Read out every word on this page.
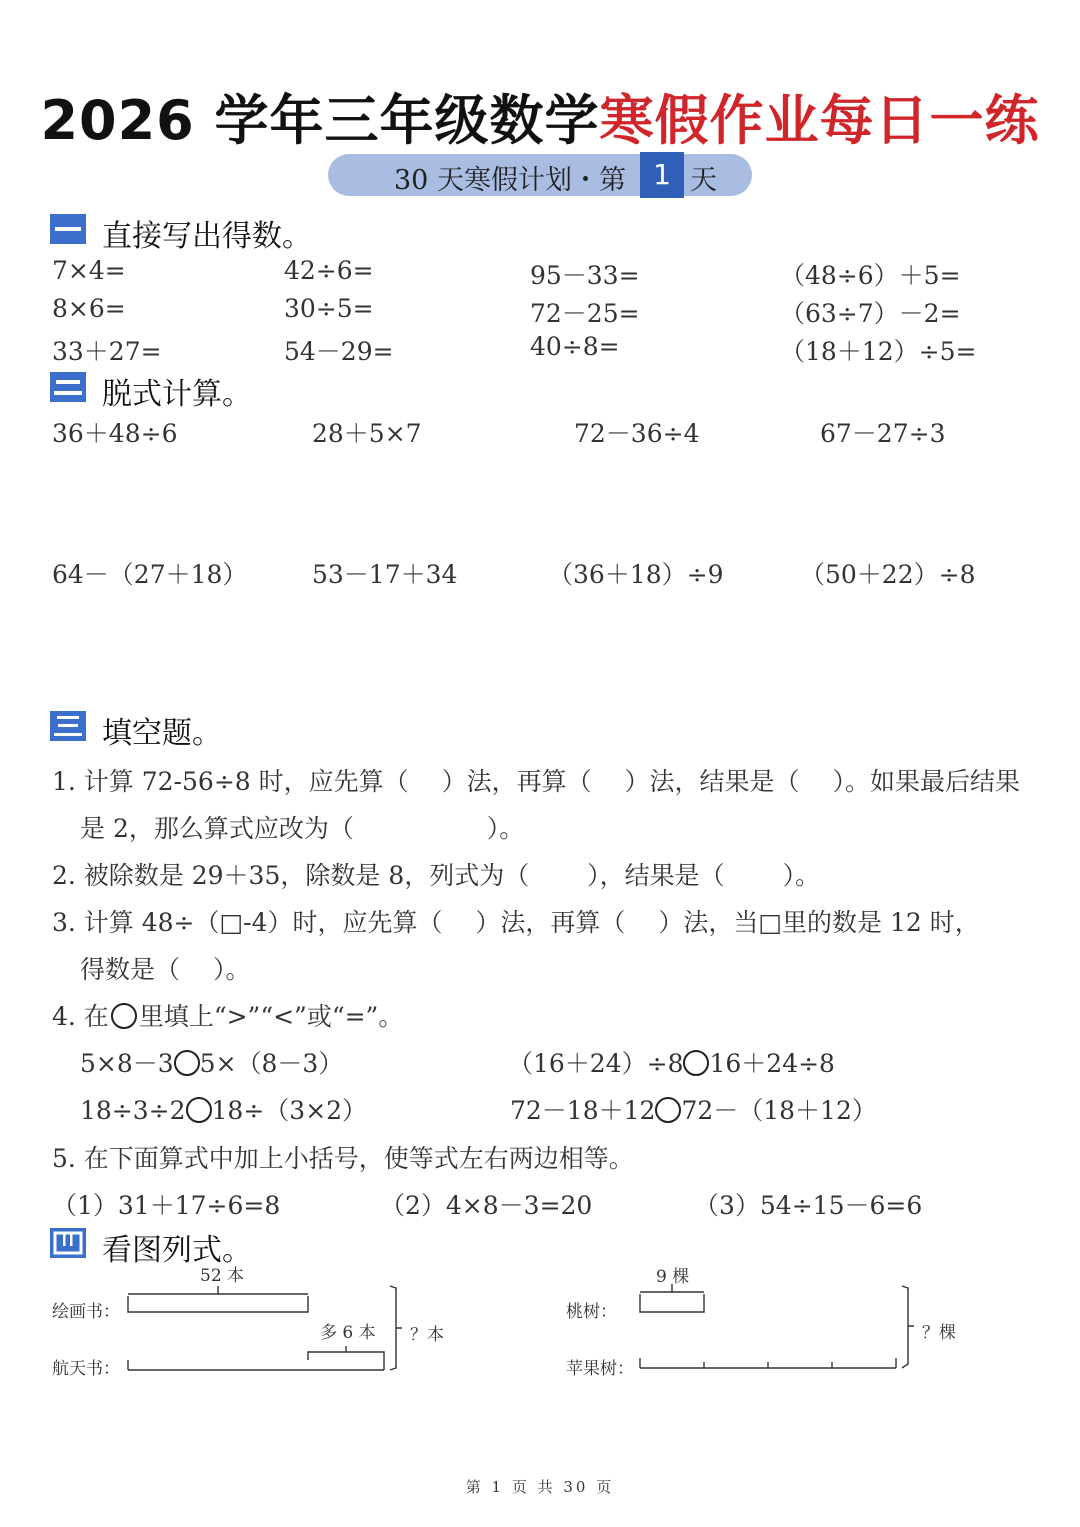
2026 学年三年级数学寒假作业每日一练
30 天寒假计划・第 1 天
直接写出得数。
7×4=	42÷6=	95－33=	（48÷6）＋5=
8×6=	30÷5=	72－25=	（63÷7）－2=
33＋27=	54－29=	40÷8=	（18＋12）÷5=
脱式计算。
36＋48÷6	28＋5×7	72－36÷4	67－27÷3
64－（27＋18）	53－17＋34	（36＋18）÷9	（50＋22）÷8
填空题。
1. 计算 72-56÷8 时，应先算（　 ）法，再算（　 ）法，结果是（　 ）。如果最后结果
是 2，那么算式应改为（　　　　　 ）。
2. 被除数是 29＋35，除数是 8，列式为（　　 ），结果是（　　 ）。
3. 计算 48÷（□-4）时，应先算（　 ）法，再算（　 ）法，当□里的数是 12 时，
得数是（　 ）。
4. 在 里填上“>”“<”或“=”。
5×8－3 5×（8－3）	（16＋24）÷8 16＋24÷8
18÷3÷2 18÷（3×2）	72－18＋12 72－（18＋12）
5. 在下面算式中加上小括号，使等式左右两边相等。
（1）31＋17÷6=8	（2）4×8－3=20	（3）54÷15－6=6
看图列式。
52 本
绘画书：
多 6 本
航天书：
？本
9 棵
桃树：
苹果树：
？棵
第 1 页 共 30 页
